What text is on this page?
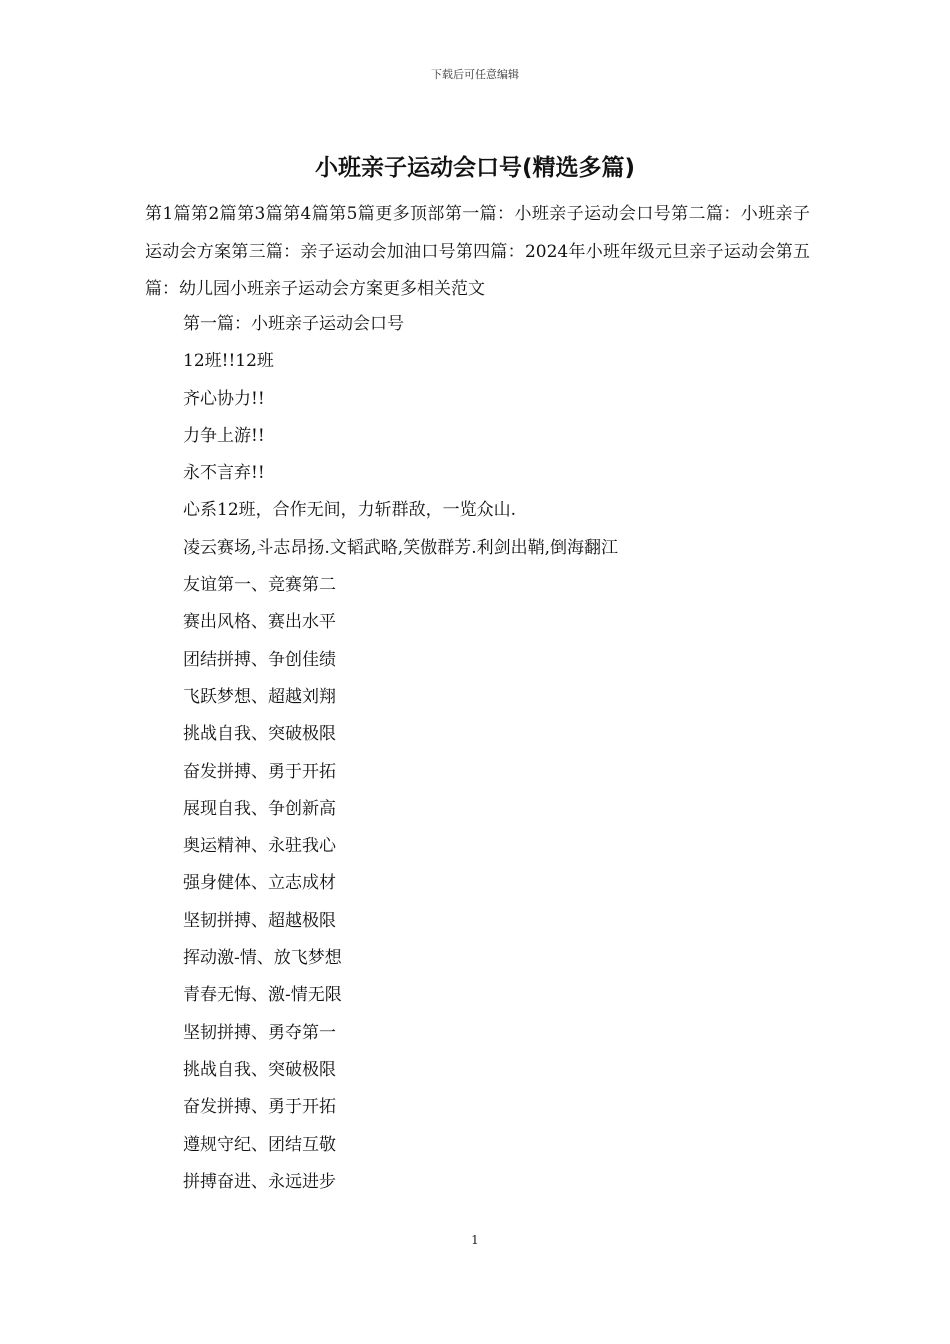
下载后可任意编辑
小班亲子运动会口号(精选多篇)

第1篇第2篇第3篇第4篇第5篇更多顶部第一篇：小班亲子运动会口号第二篇：小班亲子运动会方案第三篇：亲子运动会加油口号第四篇：2024年小班年级元旦亲子运动会第五篇：幼儿园小班亲子运动会方案更多相关范文

第一篇：小班亲子运动会口号
12班!!12班
齐心协力!!
力争上游!!
永不言弃!!
心系12班，合作无间，力斩群敌，一览众山.
凌云赛场,斗志昂扬.文韬武略,笑傲群芳.利剑出鞘,倒海翻江
友谊第一、竞赛第二
赛出风格、赛出水平
团结拼搏、争创佳绩
飞跃梦想、超越刘翔
挑战自我、突破极限
奋发拼搏、勇于开拓
展现自我、争创新高
奥运精神、永驻我心
强身健体、立志成材
坚韧拼搏、超越极限
挥动激-情、放飞梦想
青春无悔、激-情无限
坚韧拼搏、勇夺第一
挑战自我、突破极限
奋发拼搏、勇于开拓
遵规守纪、团结互敬
拼搏奋进、永远进步
1
